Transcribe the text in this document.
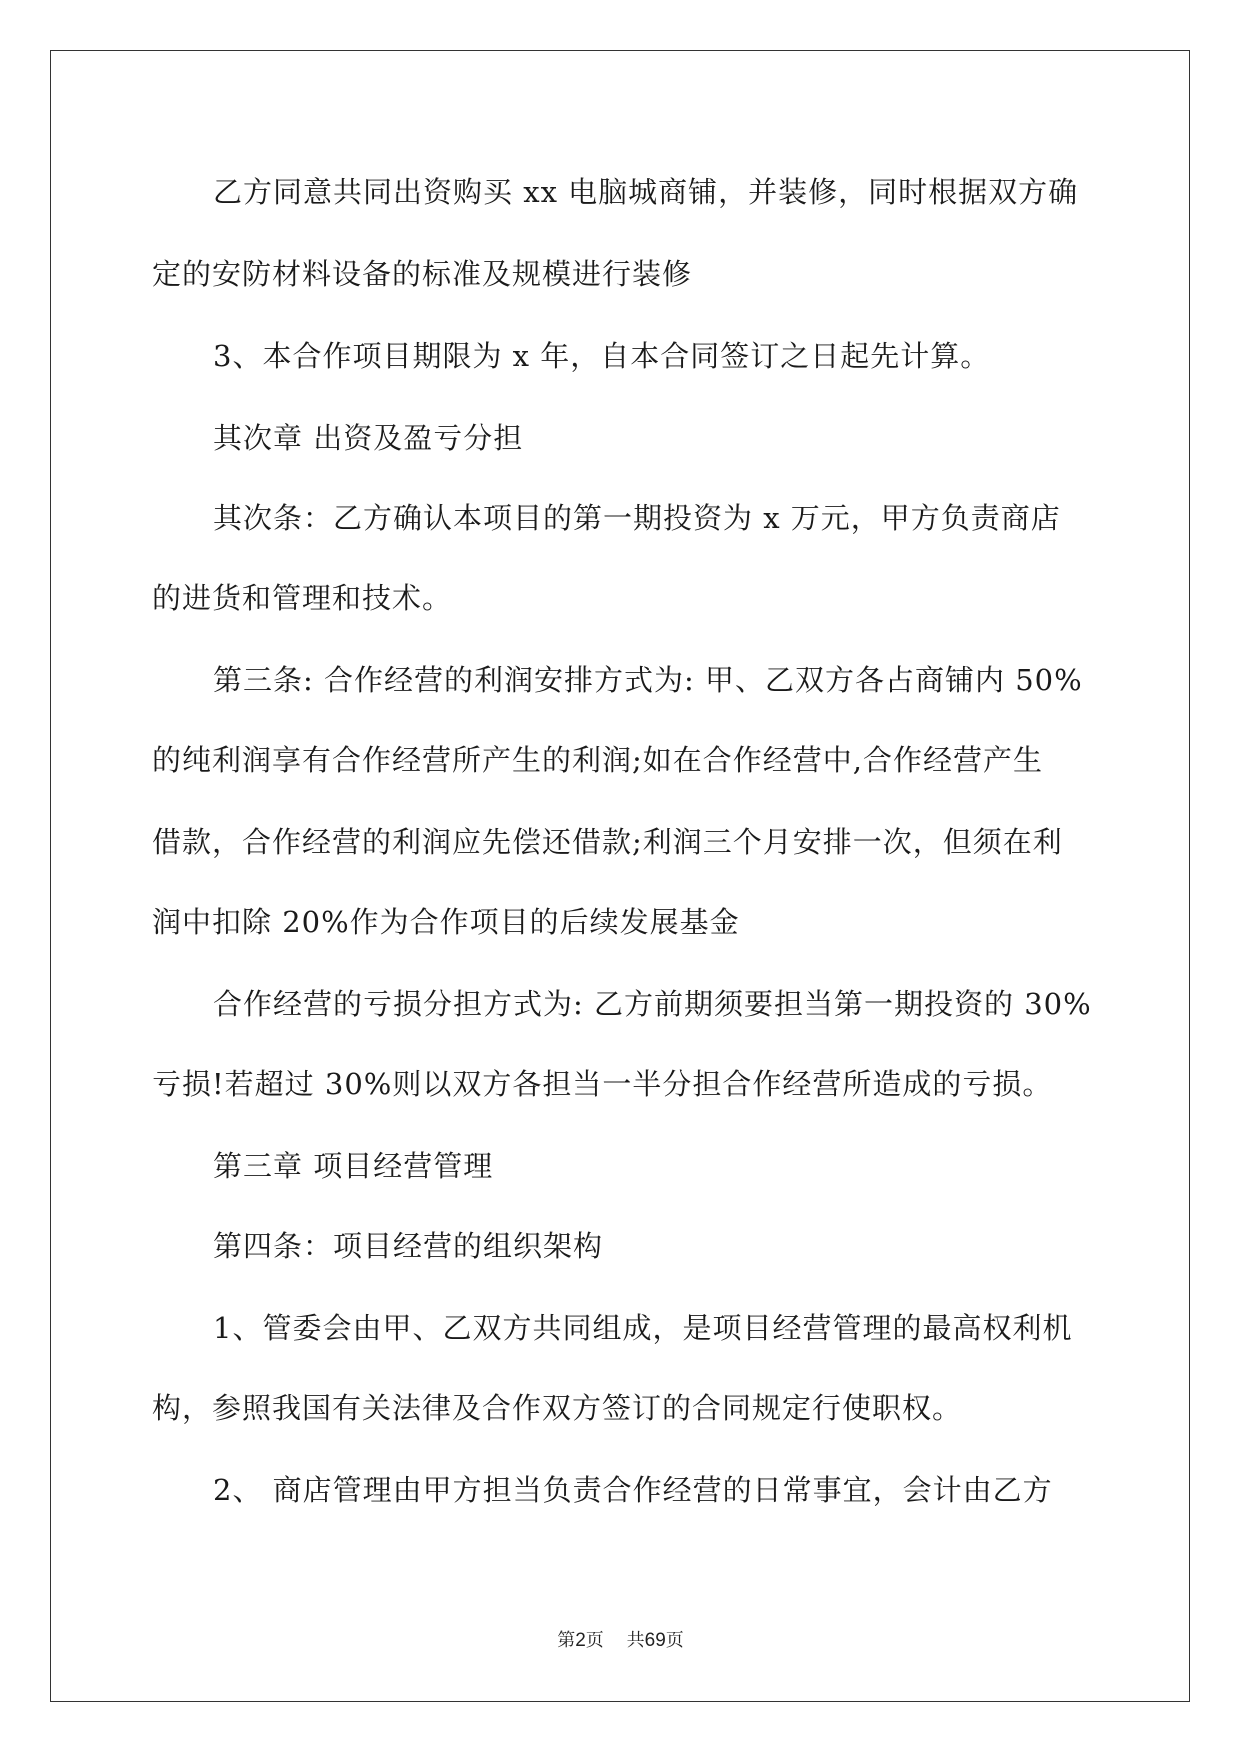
乙方同意共同出资购买 xx 电脑城商铺，并装修，同时根据双方确
定的安防材料设备的标准及规模进行装修
3、本合作项目期限为 x 年，自本合同签订之日起先计算。
其次章 出资及盈亏分担
其次条：乙方确认本项目的第一期投资为 x 万元，甲方负责商店
的进货和管理和技术。
第三条: 合作经营的利润安排方式为: 甲、乙双方各占商铺内 50%
的纯利润享有合作经营所产生的利润;如在合作经营中,合作经营产生
借款，合作经营的利润应先偿还借款;利润三个月安排一次，但须在利
润中扣除 20%作为合作项目的后续发展基金
合作经营的亏损分担方式为: 乙方前期须要担当第一期投资的 30%
亏损!若超过 30%则以双方各担当一半分担合作经营所造成的亏损。
第三章 项目经营管理
第四条：项目经营的组织架构
1、管委会由甲、乙双方共同组成，是项目经营管理的最高权利机
构，参照我国有关法律及合作双方签订的合同规定行使职权。
2、 商店管理由甲方担当负责合作经营的日常事宜，会计由乙方
第2页    共69页
